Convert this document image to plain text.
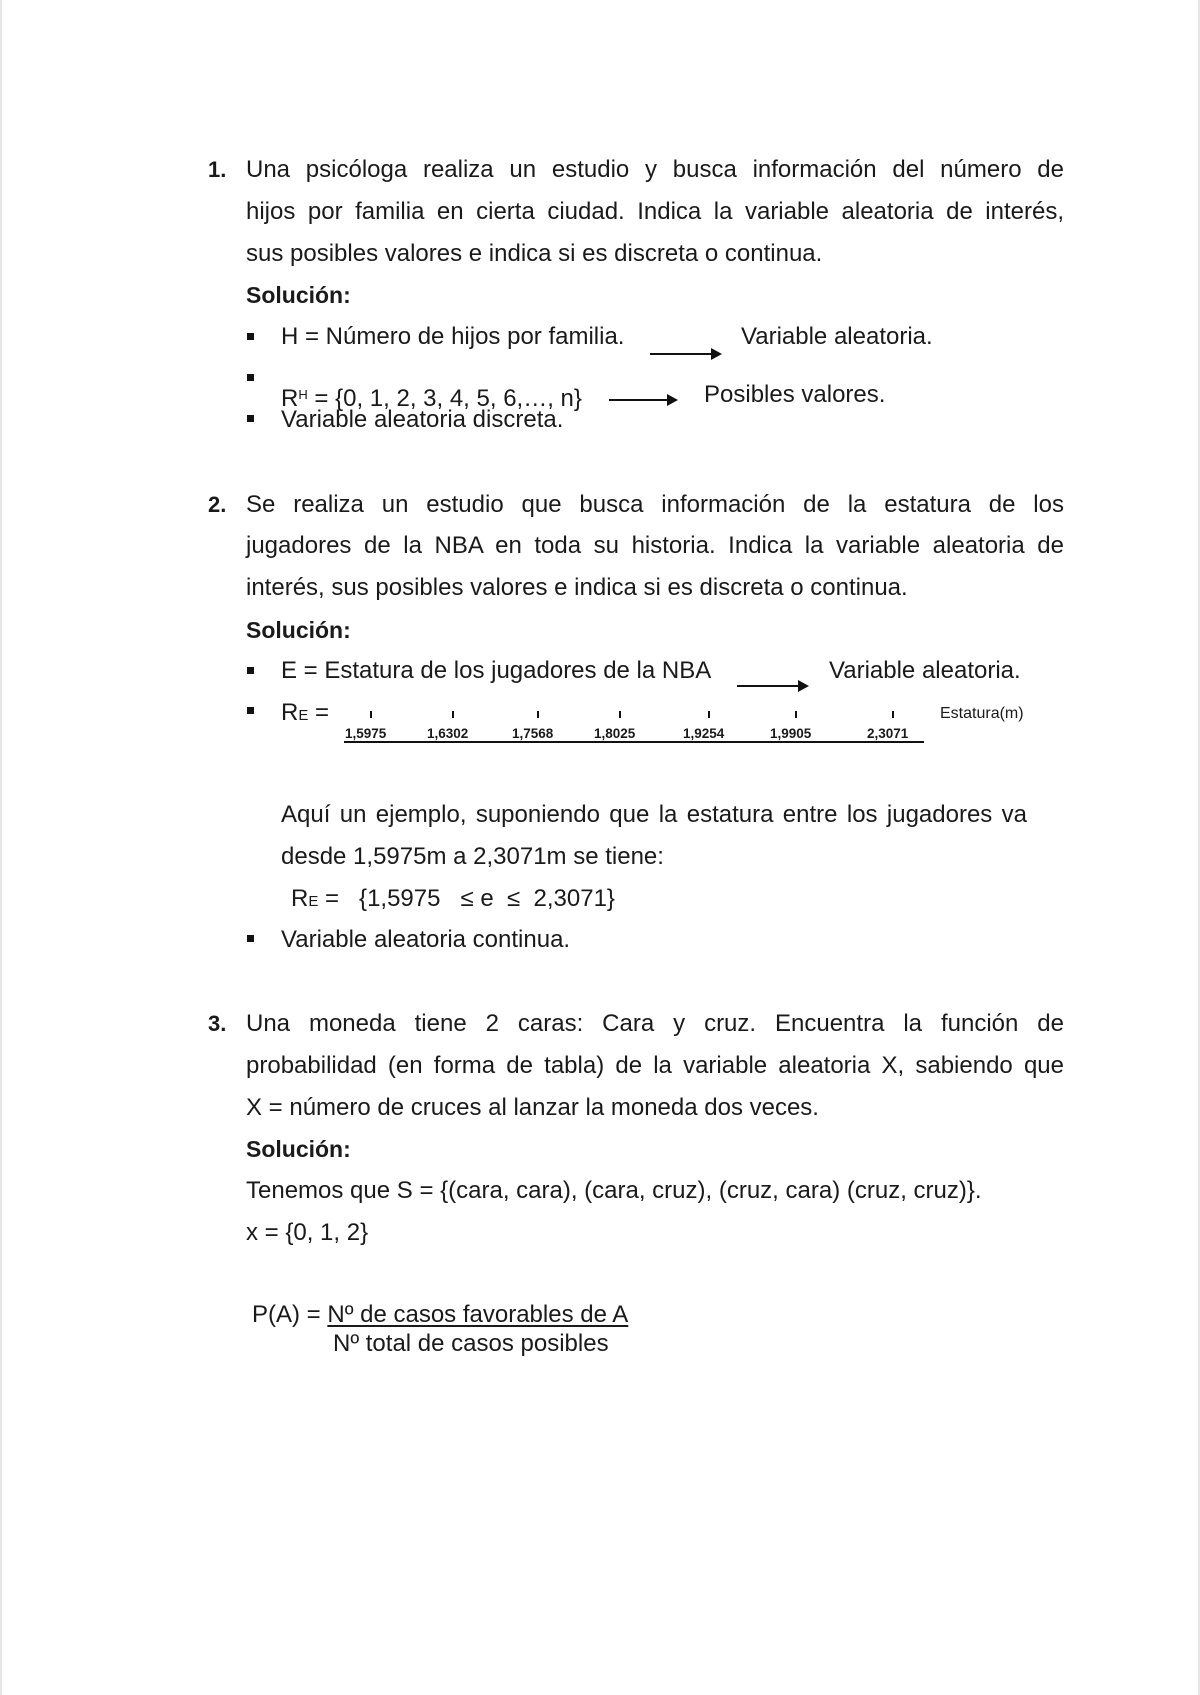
1. Una psicóloga realiza un estudio y busca información del número de
hijos por familia en cierta ciudad. Indica la variable aleatoria de interés,
sus posibles valores e indica si es discreta o continua.
Solución:
H = Número de hijos por familia.	Variable aleatoria.
$R^H = \{0$, 1, 2, 3, 4, 5, 6,…, n}	Posibles valores.
Variable aleatoria discreta.
2. Se realiza un estudio que busca información de la estatura de los
jugadores de la NBA en toda su historia. Indica la variable aleatoria de
interés, sus posibles valores e indica si es discreta o continua.
Solución:
E = Estatura de los jugadores de la NBA	Variable aleatoria.
RE =
1,5975	1,6302	1,7568	1,8025	1,9254	1,9905	2,3071
Estatura(m)
Aquí un ejemplo, suponiendo que la estatura entre los jugadores va
desde 1,5975m a 2,3071m se tiene:
RE =   {1,5975   ≤ e  ≤  2,3071}
Variable aleatoria continua.
3. Una moneda tiene 2 caras: Cara y cruz. Encuentra la función de
probabilidad (en forma de tabla) de la variable aleatoria X, sabiendo que
X = número de cruces al lanzar la moneda dos veces.
Solución:
Tenemos que S = {(cara, cara), (cara, cruz), (cruz, cara) (cruz, cruz)}.
x = {0, 1, 2}
P(A) = Nº de casos favorables de A
Nº total de casos posibles
